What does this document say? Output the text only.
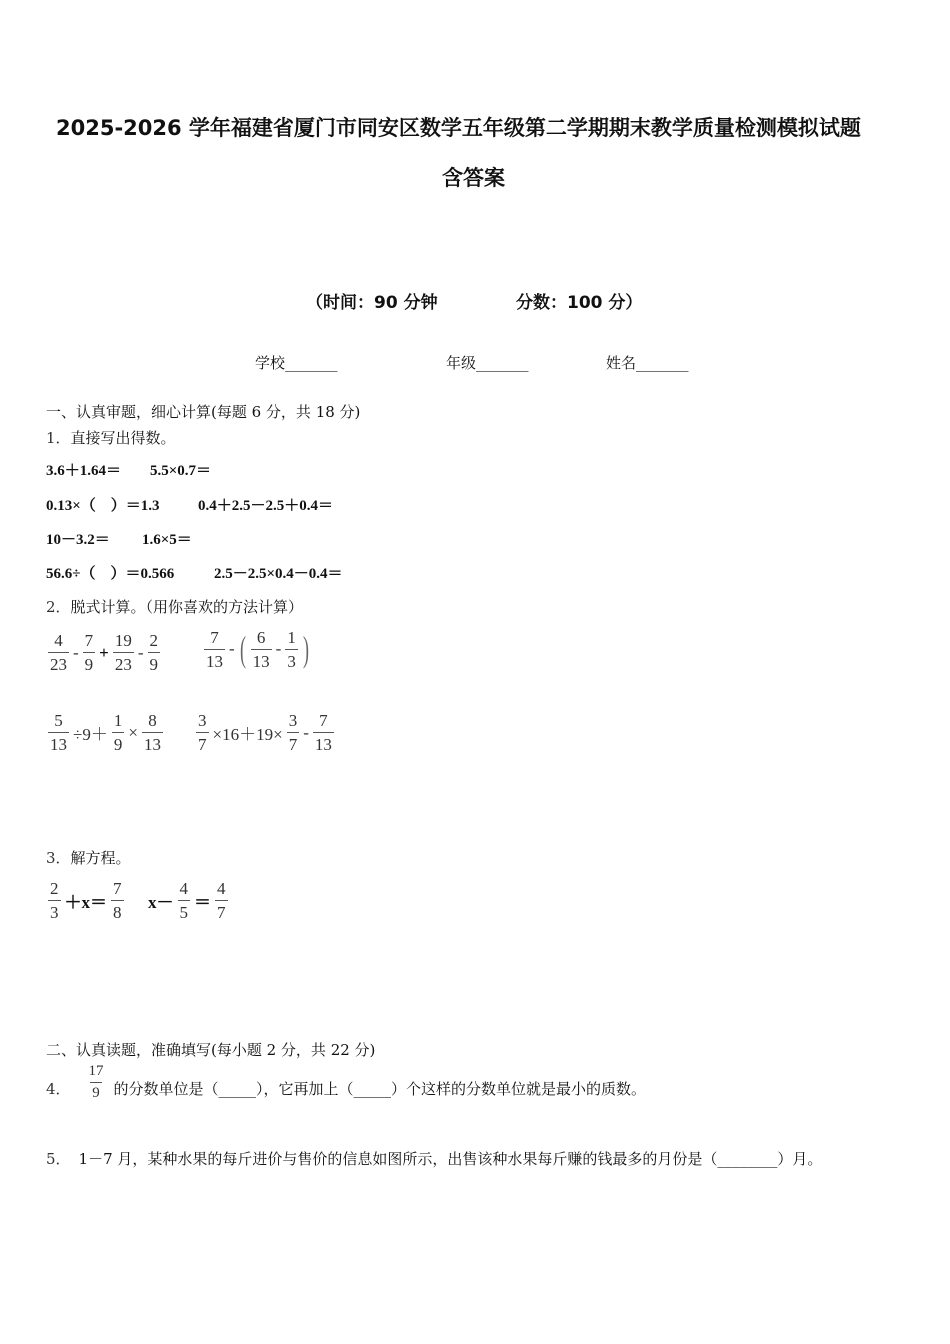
2025-2026 学年福建省厦门市同安区数学五年级第二学期期末教学质量检测模拟试题
含答案
（时间：90 分钟	分数：100 分）
学校_______	年级_______	姓名_______
一、认真审题，细心计算(每题 6 分，共 18 分)
1．直接写出得数。
3.6＋1.64＝ 5.5×0.7＝
0.13×（　）＝1.3	0.4＋2.5－2.5＋0.4＝
10－3.2＝ 1.6×5＝
56.6÷（　）＝0.566	2.5－2.5×0.4－0.4＝
2．脱式计算。（用你喜欢的方法计算）
$\frac{4}{23} - \frac{7}{9} + \frac{19}{23} - \frac{2}{9}$	$\frac{7}{13}$ - ( $\frac{6}{13} - \frac{1}{3}$ )
$\frac{5}{13} \div 9+ \frac{1}{9} \times \frac{8}{13} \frac{3}{7} \times 16+19\times \frac{3}{7} - \frac{7}{13}$
3．解方程。
$\frac{2}{3} +x= \frac{7}{8} x- \frac{4}{5} = \frac{4}{7}$
二、认真读题，准确填写(每小题 2 分，共 22 分)
4． $\frac{17}{9}$ 的分数单位是（_____），它再加上（_____）个这样的分数单位就是最小的质数。
5． 1－7 月，某种水果的每斤进价与售价的信息如图所示，出售该种水果每斤赚的钱最多的月份是（________）月。
